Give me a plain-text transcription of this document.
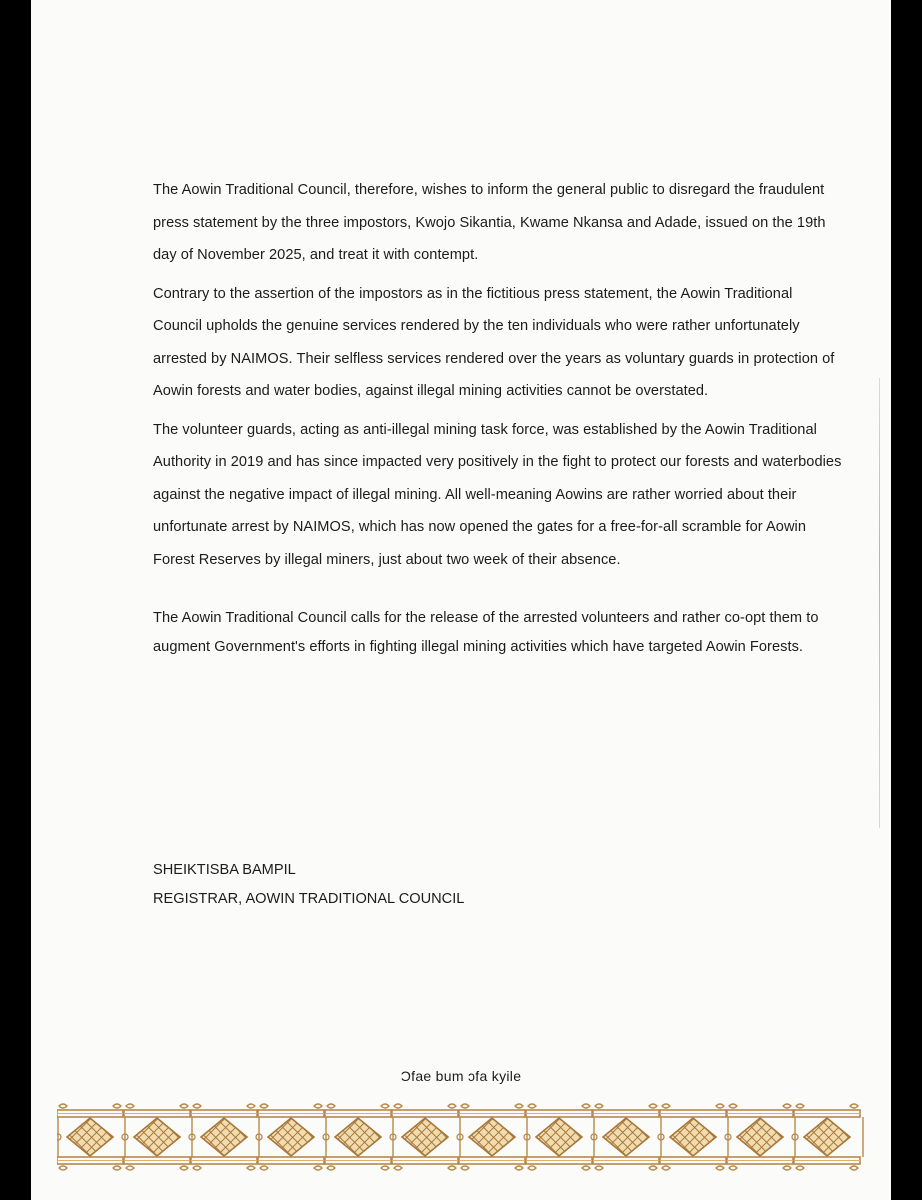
The Aowin Traditional Council, therefore, wishes to inform the general public to disregard the fraudulent press statement by the three impostors, Kwojo Sikantia, Kwame Nkansa and Adade, issued on the 19th day of November 2025, and treat it with contempt.

Contrary to the assertion of the impostors as in the fictitious press statement, the Aowin Traditional Council upholds the genuine services rendered by the ten individuals who were rather unfortunately arrested by NAIMOS. Their selfless services rendered over the years as voluntary guards in protection of Aowin forests and water bodies, against illegal mining activities cannot be overstated.

The volunteer guards, acting as anti-illegal mining task force, was established by the Aowin Traditional Authority in 2019 and has since impacted very positively in the fight to protect our forests and waterbodies against the negative impact of illegal mining. All well-meaning Aowins are rather worried about their unfortunate arrest by NAIMOS, which has now opened the gates for a free-for-all scramble for Aowin Forest Reserves by illegal miners, just about two week of their absence.

The Aowin Traditional Council calls for the release of the arrested volunteers and rather co-opt them to augment Government's efforts in fighting illegal mining activities which have targeted Aowin Forests.

SHEIKTISBA BAMPIL
REGISTRAR, AOWIN TRADITIONAL COUNCIL
Ɔfae bum ɔfa kyile
